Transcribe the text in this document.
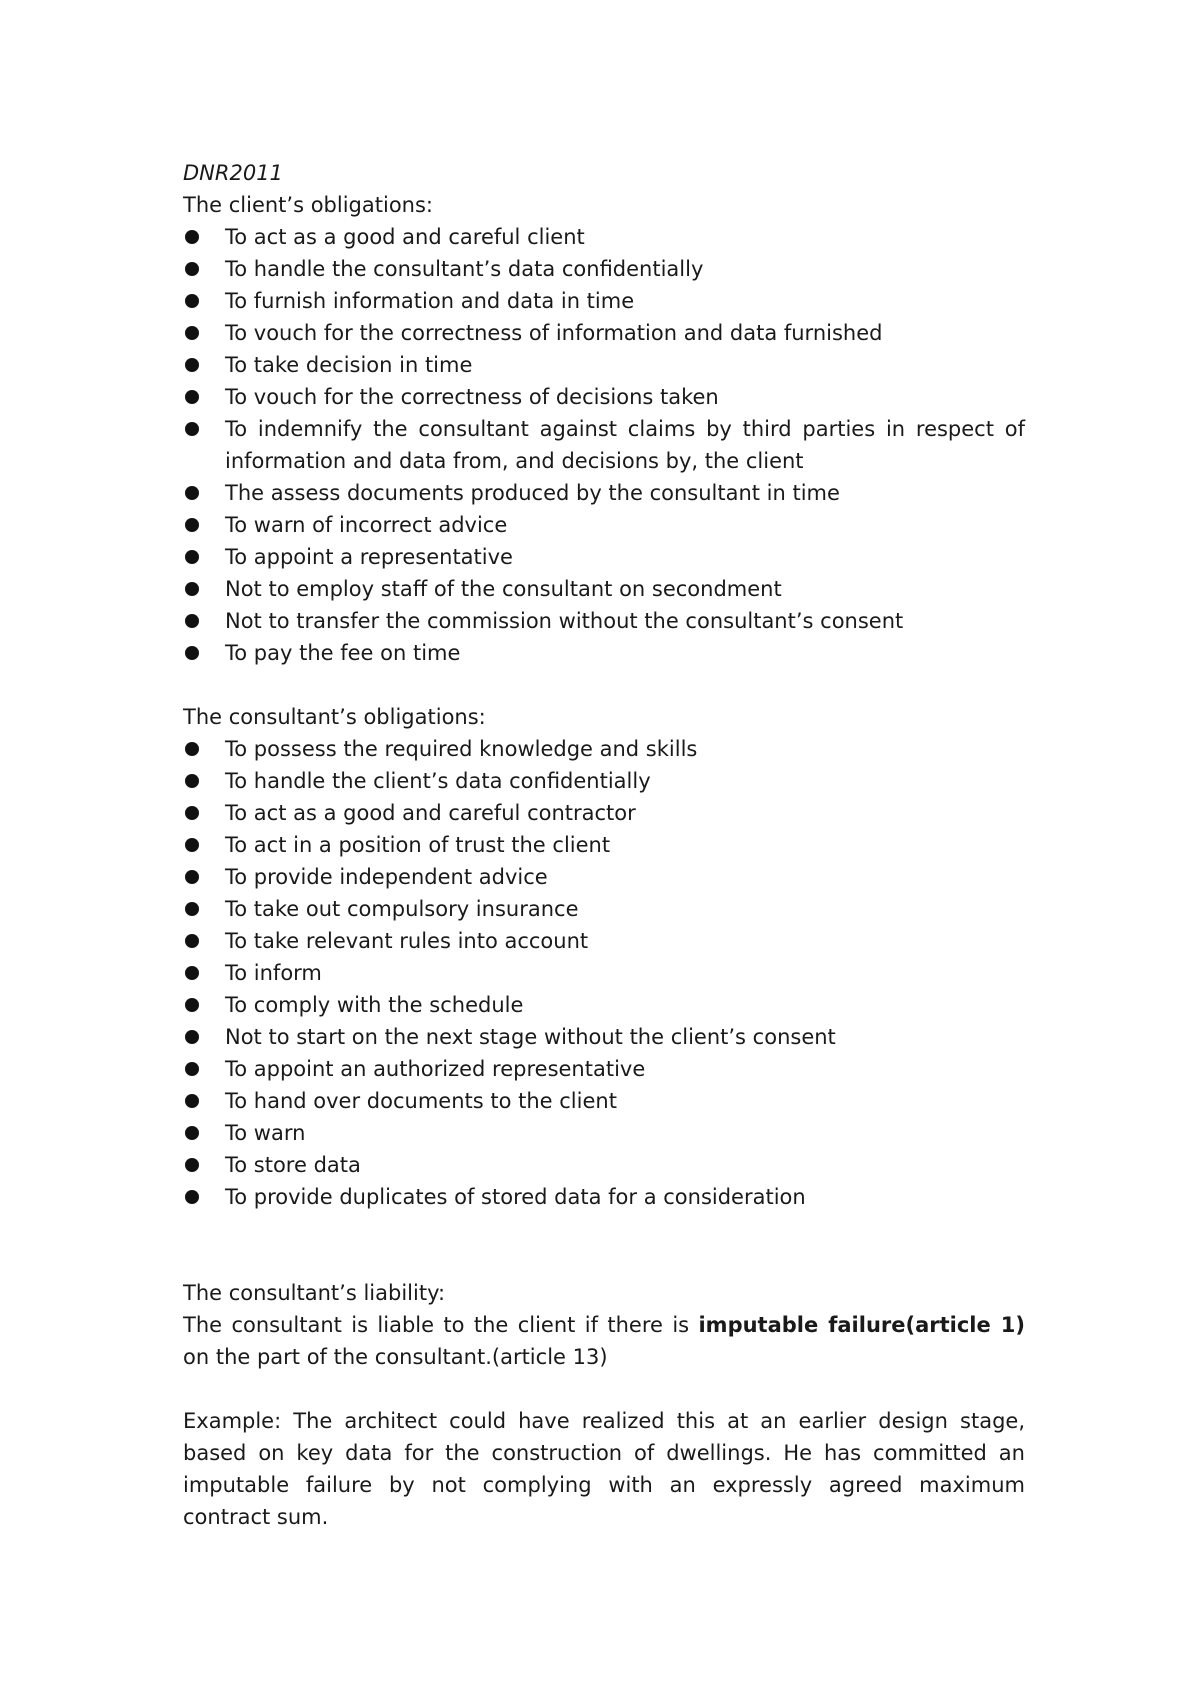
DNR2011
The client’s obligations:
To act as a good and careful client
To handle the consultant’s data confidentially
To furnish information and data in time
To vouch for the correctness of information and data furnished
To take decision in time
To vouch for the correctness of decisions taken
To indemnify the consultant against claims by third parties in respect of information and data from, and decisions by, the client
The assess documents produced by the consultant in time
To warn of incorrect advice
To appoint a representative
Not to employ staff of the consultant on secondment
Not to transfer the commission without the consultant’s consent
To pay the fee on time
The consultant’s obligations:
To possess the required knowledge and skills
To handle the client’s data confidentially
To act as a good and careful contractor
To act in a position of trust the client
To provide independent advice
To take out compulsory insurance
To take relevant rules into account
To inform
To comply with the schedule
Not to start on the next stage without the client’s consent
To appoint an authorized representative
To hand over documents to the client
To warn
To store data
To provide duplicates of stored data for a consideration
The consultant’s liability:

The consultant is liable to the client if there is imputable failure(article 1) on the part of the consultant.(article 13)

Example: The architect could have realized this at an earlier design stage, based on key data for the construction of dwellings. He has committed an imputable failure by not complying with an expressly agreed maximum contract sum.
